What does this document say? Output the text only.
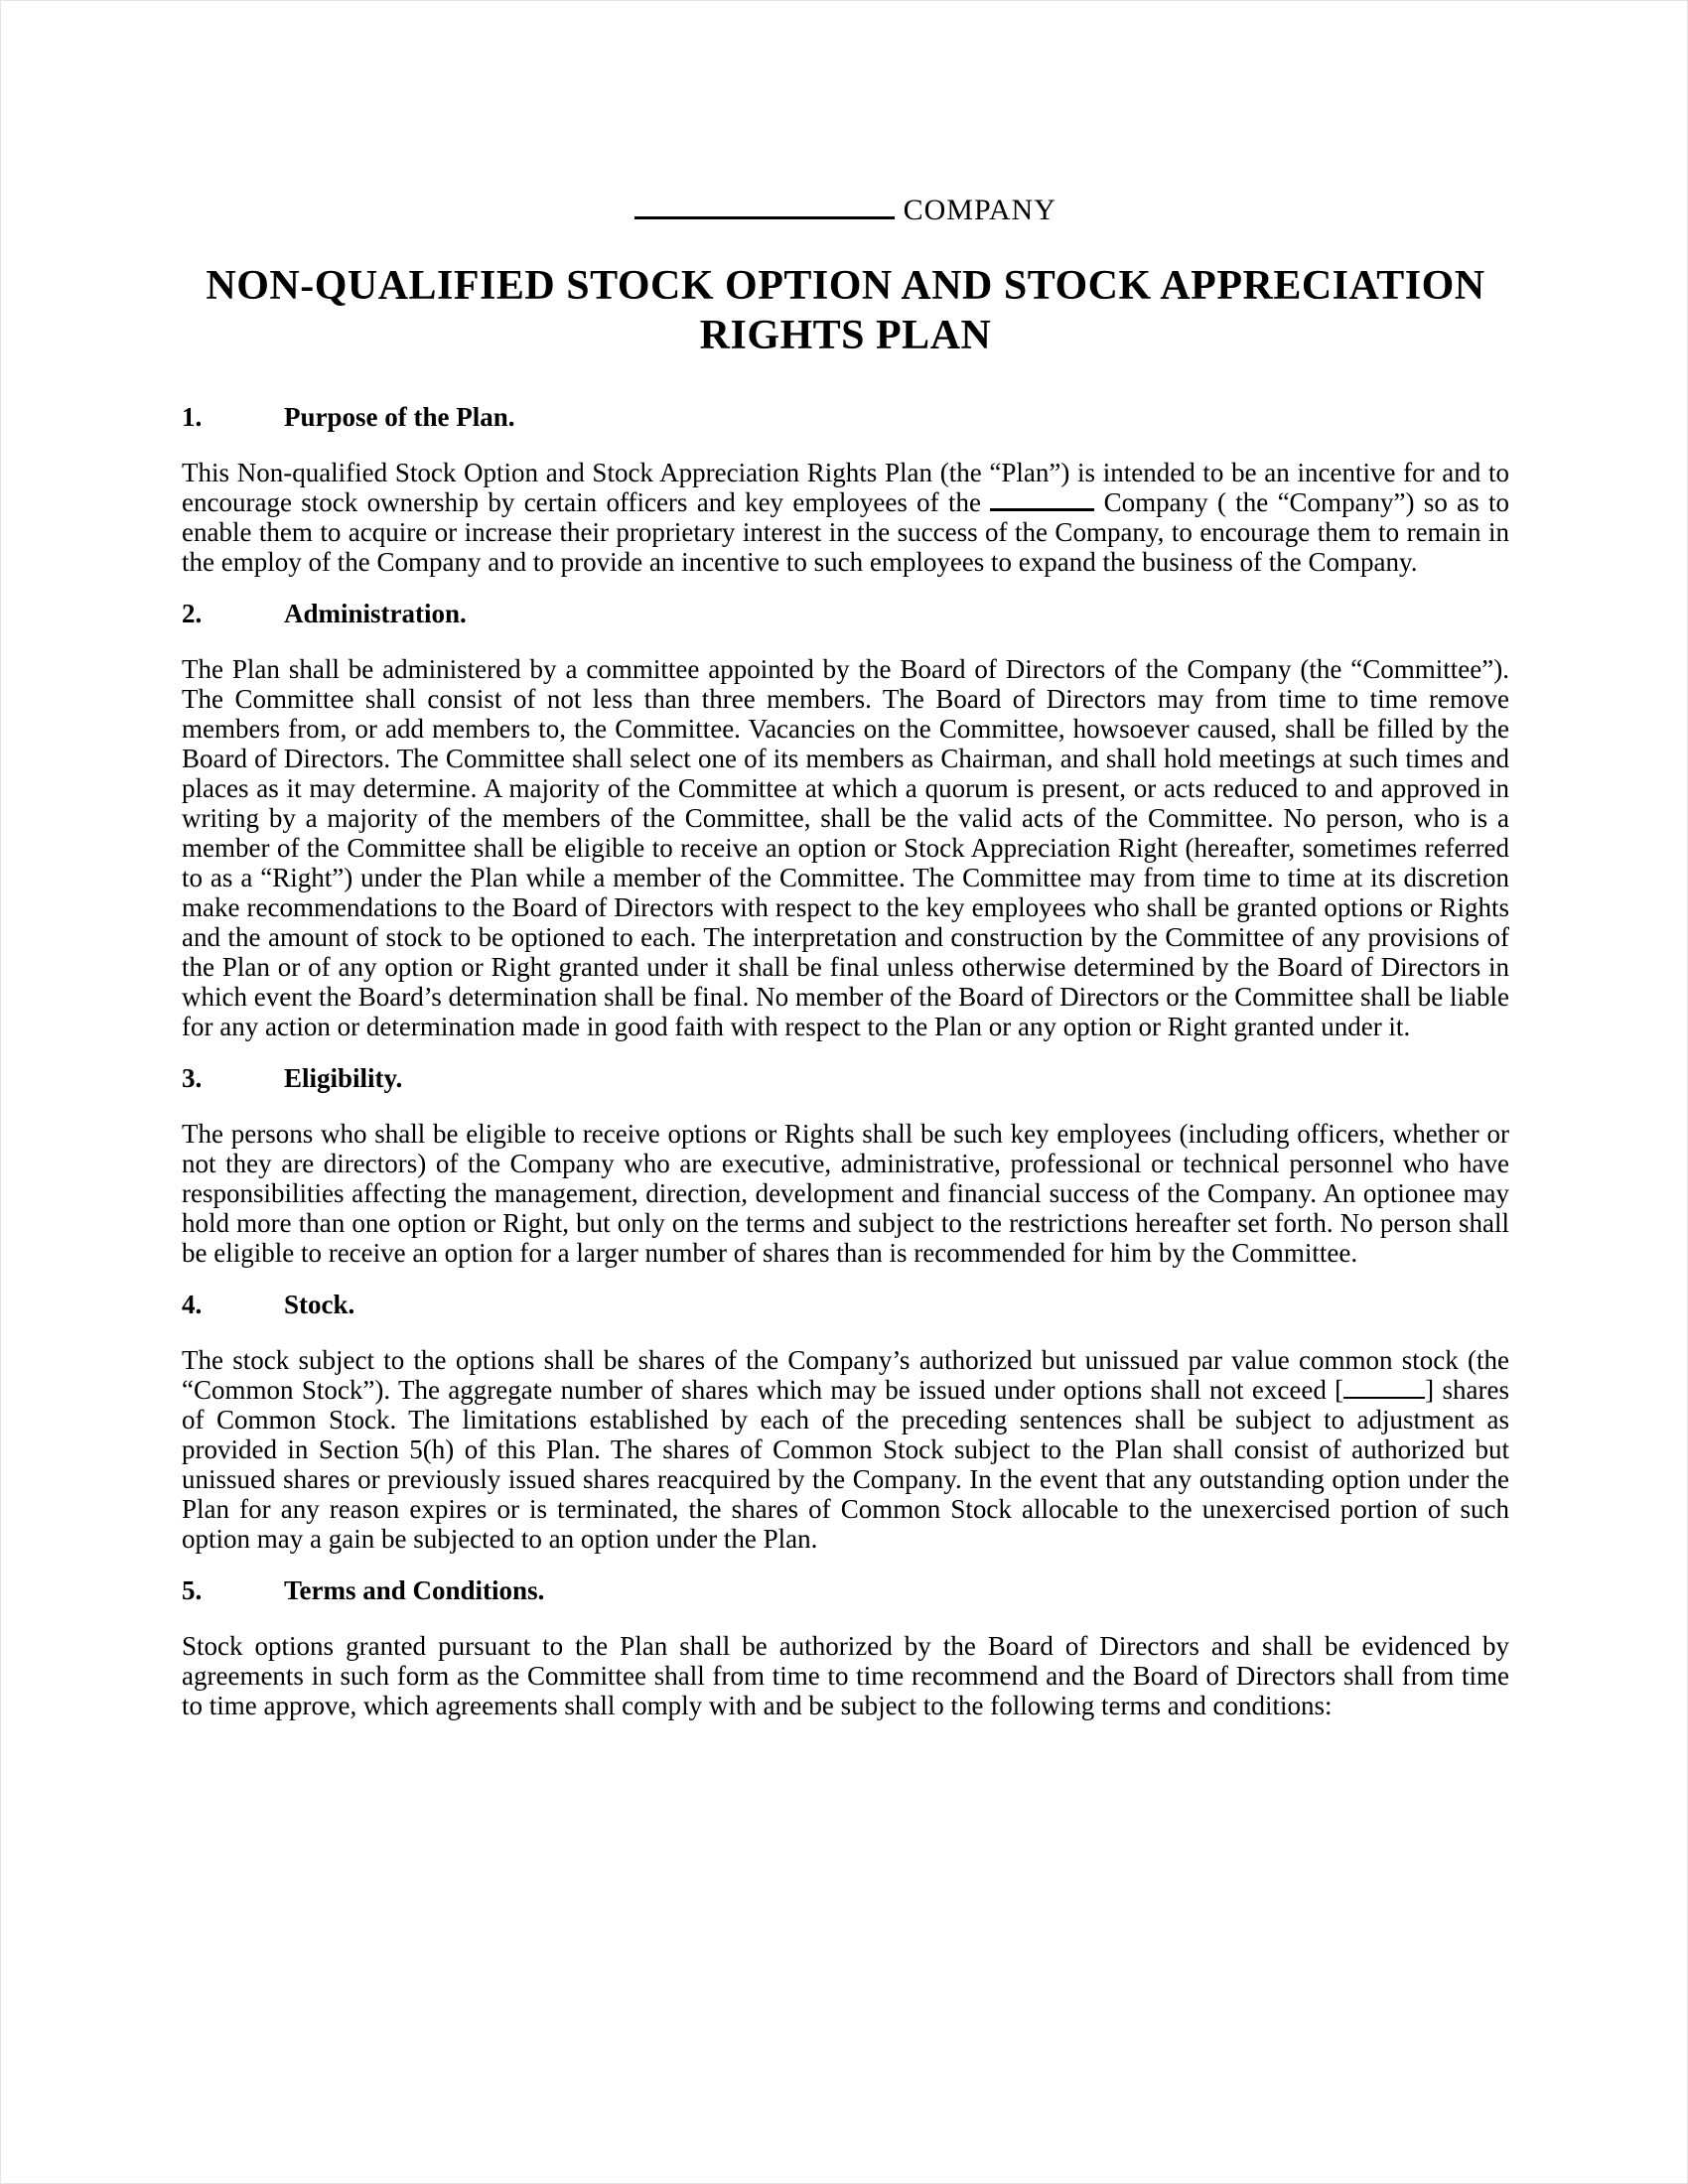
COMPANY
NON-QUALIFIED STOCK OPTION AND STOCK APPRECIATION
RIGHTS PLAN
1.	Purpose of the Plan.

This Non-qualified Stock Option and Stock Appreciation Rights Plan (the “Plan”) is intended to be an incentive for and to encourage stock ownership by certain officers and key employees of the	Company ( the “Company”) so as to enable them to acquire or increase their proprietary interest in the success of the Company, to encourage them to remain in the employ of the Company and to provide an incentive to such employees to expand the business of the Company.

2.	Administration.

The Plan shall be administered by a committee appointed by the Board of Directors of the Company (the “Committee”). The Committee shall consist of not less than three members. The Board of Directors may from time to time remove members from, or add members to, the Committee. Vacancies on the Committee, howsoever caused, shall be filled by the Board of Directors. The Committee shall select one of its members as Chairman, and shall hold meetings at such times and places as it may determine. A majority of the Committee at which a quorum is present, or acts reduced to and approved in writing by a majority of the members of the Committee, shall be the valid acts of the Committee. No person, who is a member of the Committee shall be eligible to receive an option or Stock Appreciation Right (hereafter, sometimes referred to as a “Right”) under the Plan while a member of the Committee. The Committee may from time to time at its discretion make recommendations to the Board of Directors with respect to the key employees who shall be granted options or Rights and the amount of stock to be optioned to each. The interpretation and construction by the Committee of any provisions of the Plan or of any option or Right granted under it shall be final unless otherwise determined by the Board of Directors in which event the Board’s determination shall be final. No member of the Board of Directors or the Committee shall be liable for any action or determination made in good faith with respect to the Plan or any option or Right granted under it.

3.	Eligibility.

The persons who shall be eligible to receive options or Rights shall be such key employees (including officers, whether or not they are directors) of the Company who are executive, administrative, professional or technical personnel who have responsibilities affecting the management, direction, development and financial success of the Company. An optionee may hold more than one option or Right, but only on the terms and subject to the restrictions hereafter set forth. No person shall be eligible to receive an option for a larger number of shares than is recommended for him by the Committee.

4.	Stock.

The stock subject to the options shall be shares of the Company’s authorized but unissued par value common stock (the “Common Stock”). The aggregate number of shares which may be issued under options shall not exceed [	] shares of Common Stock. The limitations established by each of the preceding sentences shall be subject to adjustment as provided in Section 5(h) of this Plan. The shares of Common Stock subject to the Plan shall consist of authorized but unissued shares or previously issued shares reacquired by the Company. In the event that any outstanding option under the Plan for any reason expires or is terminated, the shares of Common Stock allocable to the unexercised portion of such option may a gain be subjected to an option under the Plan.

5.	Terms and Conditions.

Stock options granted pursuant to the Plan shall be authorized by the Board of Directors and shall be evidenced by agreements in such form as the Committee shall from time to time recommend and the Board of Directors shall from time to time approve, which agreements shall comply with and be subject to the following terms and conditions:
